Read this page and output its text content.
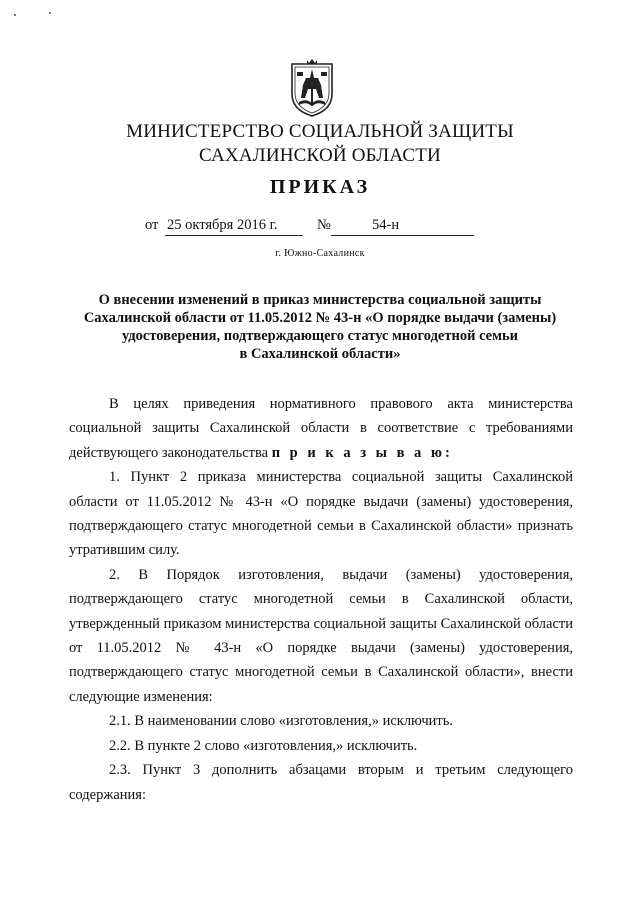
МИНИСТЕРСТВО СОЦИАЛЬНОЙ ЗАЩИТЫ
САХАЛИНСКОЙ ОБЛАСТИ
ПРИКАЗ
от 25 октября 2016 г.	№	54-н
г. Южно-Сахалинск
О внесении изменений в приказ министерства социальной защиты
Сахалинской области от 11.05.2012 № 43-н «О порядке выдачи (замены)
удостоверения, подтверждающего статус многодетной семьи
в Сахалинской области»

В целях приведения нормативного правового акта министерства социальной защиты Сахалинской области в соответствие с требованиями действующего законодательства п р и к а з ы в а ю:

1. Пункт 2 приказа министерства социальной защиты Сахалинской области от 11.05.2012 № 43-н «О порядке выдачи (замены) удостоверения, подтверждающего статус многодетной семьи в Сахалинской области» признать утратившим силу.

2. В Порядок изготовления, выдачи (замены) удостоверения, подтверждающего статус многодетной семьи в Сахалинской области, утвержденный приказом министерства социальной защиты Сахалинской области от 11.05.2012 № 43-н «О порядке выдачи (замены) удостоверения, подтверждающего статус многодетной семьи в Сахалинской области», внести следующие изменения:

2.1. В наименовании слово «изготовления,» исключить.

2.2. В пункте 2 слово «изготовления,» исключить.

2.3. Пункт 3 дополнить абзацами вторым и третьим следующего содержания:
